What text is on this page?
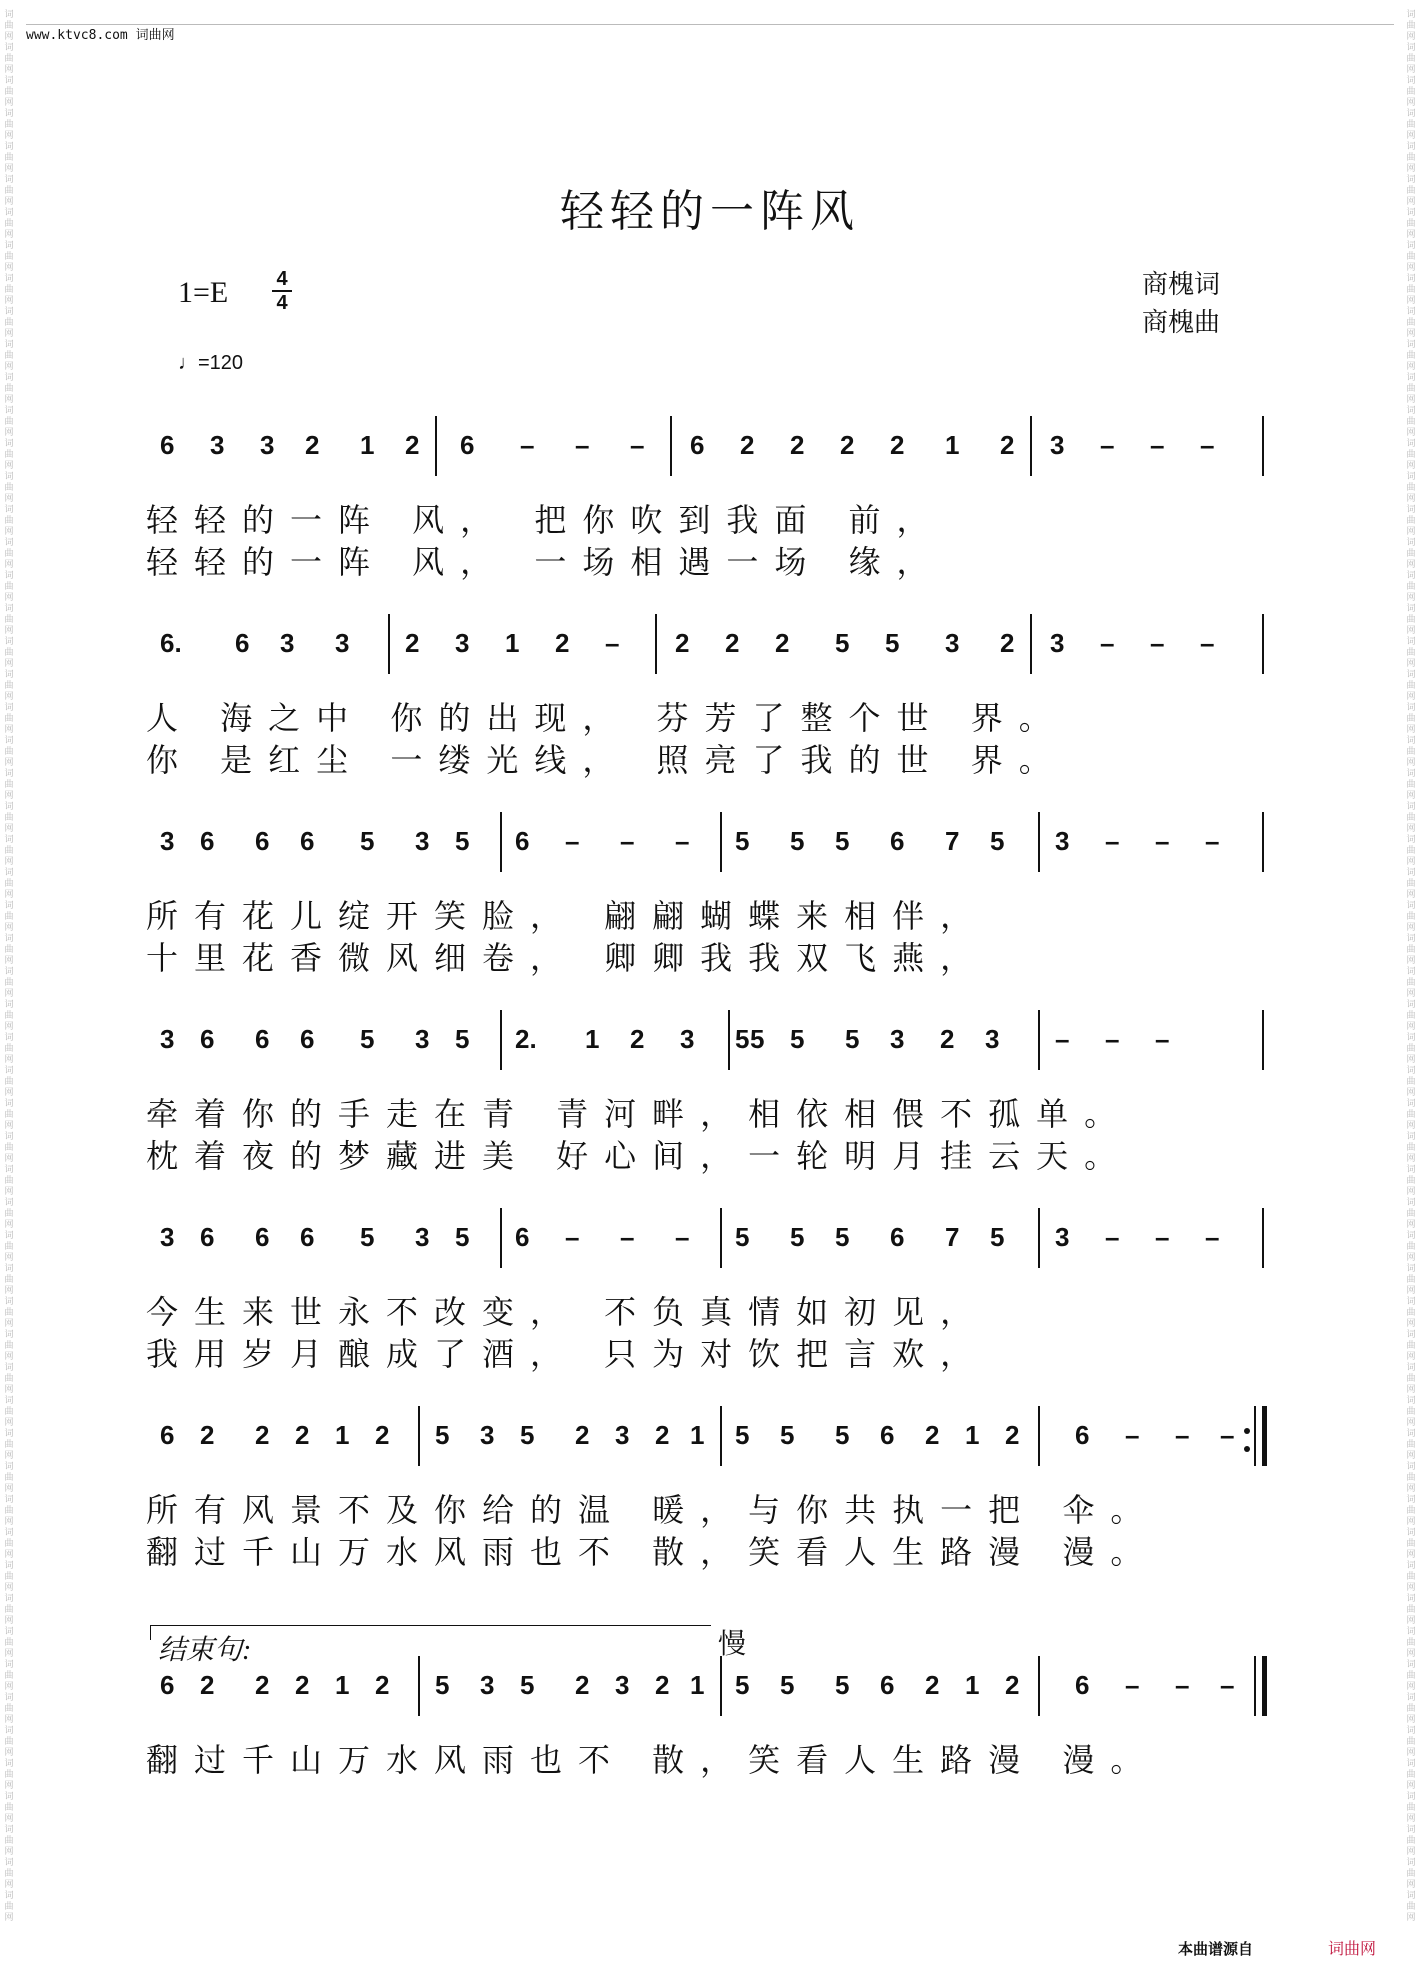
词曲网词曲网词曲网词曲网词曲网词曲网词曲网词曲网词曲网词曲网词曲网词曲网词曲网词曲网词曲网词曲网词曲网词曲网词曲网词曲网词曲网词曲网词曲网词曲网词曲网词曲网词曲网词曲网词曲网词曲网词曲网词曲网词曲网词曲网词曲网词曲网词曲网词曲网词曲网词曲网词曲网词曲网词曲网词曲网词曲网词曲网词曲网词曲网词曲网词曲网词曲网词曲网词曲网词曲网词曲网词曲网词曲网词曲网
词曲网词曲网词曲网词曲网词曲网词曲网词曲网词曲网词曲网词曲网词曲网词曲网词曲网词曲网词曲网词曲网词曲网词曲网词曲网词曲网词曲网词曲网词曲网词曲网词曲网词曲网词曲网词曲网词曲网词曲网词曲网词曲网词曲网词曲网词曲网词曲网词曲网词曲网词曲网词曲网词曲网词曲网词曲网词曲网词曲网词曲网词曲网词曲网词曲网词曲网词曲网词曲网词曲网词曲网词曲网词曲网词曲网词曲网
www.ktvc8.com 词曲网
轻轻的一阵风
1=E	4
4
♩=120
商槐词
商槐曲
6 3 3 2 1 2 6 – – – 6 2 2 2 2 1 2 3 – – –
轻轻的一阵 风， 把你吹到我面 前，
轻轻的一阵 风， 一场相遇一场 缘，
6. 6 3 3 2 3 1 2 – 2 2 2 5 5 3 2 3 – – –
人 海之中 你的出现， 芬芳了整个世 界。
你 是红尘 一缕光线， 照亮了我的世 界。
3 6 6 6 5 3 5 6 – – – 5 5 5 6 7 5 3 – – –
所有花儿绽开笑脸， 翩翩蝴蝶来相伴，
十里花香微风细卷， 卿卿我我双飞燕，
3 6 6 6 5 3 5 2. 1 2 3 5 5 5 5 3 2 3 – – –
牵着你的手走在青 青河畔，相依相偎不孤单。
枕着夜的梦藏进美 好心间，一轮明月挂云天。
3 6 6 6 5 3 5 6 – – – 5 5 5 6 7 5 3 – – –
今生来世永不改变， 不负真情如初见，
我用岁月酿成了酒， 只为对饮把言欢，
6 2 2 2 1 2 5 3 5 2 3 2 1 5 5 5 6 2 1 2 6 – – –
所有风景不及你给的温 暖，与你共执一把 伞。
翻过千山万水风雨也不 散，笑看人生路漫 漫。
6 2 2 2 1 2 5 3 5 2 3 2 1 5 5 5 6 2 1 2 6 – – –
翻过千山万水风雨也不 散，笑看人生路漫 漫。
结束句:	慢
本曲谱源自	词曲网
